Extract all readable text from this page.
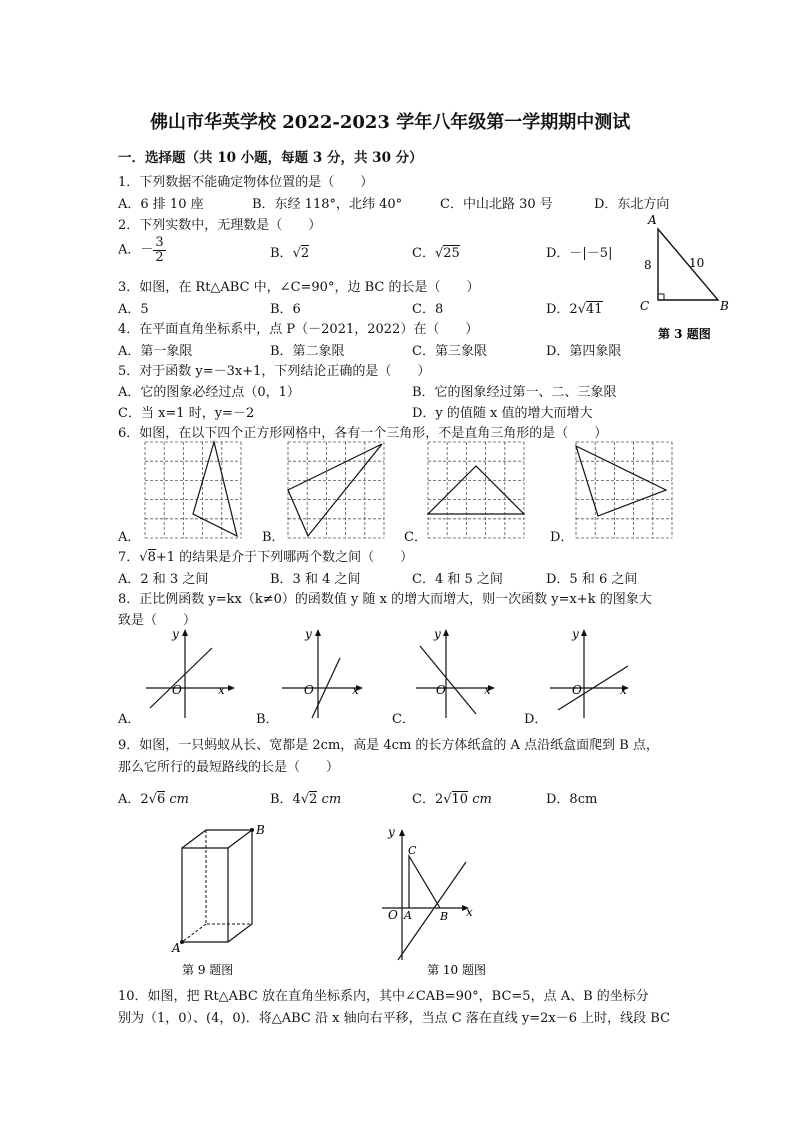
佛山市华英学校 2022-2023 学年八年级第一学期期中测试
一．选择题（共 10 小题，每题 3 分，共 30 分）
1．下列数据不能确定物体位置的是（　　）
A．6 排 10 座	B．东经 118°，北纬 40°	C．中山北路 30 号	D．东北方向
2．下列实数中，无理数是（　　）
A．－ $\frac{3}{2}$	B．√2	C．√25	D．－|－5|
A
C	B
8	10
第 3 题图
3．如图，在 Rt△ABC 中，∠C=90°，边 BC 的长是（　　）
A．5	B．6	C．8	D．2√41
4．在平面直角坐标系中，点 P（－2021，2022）在（　　）
A．第一象限	B．第二象限	C．第三象限	D．第四象限
5．对于函数 y=－3x+1，下列结论正确的是（　　）
A．它的图象必经过点（0，1）	B．它的图象经过第一、二、三象限
C．当 x=1 时，y=－2	D．y 的值随 x 值的增大而增大
6．如图，在以下四个正方形网格中，各有一个三角形，不是直角三角形的是（　　）
A．	B．	C．	D．
7．√8+1 的结果是介于下列哪两个数之间（　　）
A．2 和 3 之间	B．3 和 4 之间	C．4 和 5 之间	D．5 和 6 之间
8．正比例函数 y=kx（k≠0）的函数值 y 随 x 的增大而增大，则一次函数 y=x+k 的图象大
致是（　　）
x
y
O
A．
x
y
O
B．
x
y
O
C．
x
y
O
D．
9．如图，一只蚂蚁从长、宽都是 2cm，高是 4cm 的长方体纸盒的 A 点沿纸盒面爬到 B 点，
那么它所行的最短路线的长是（　　）
A．2√6 cm	B．4√2 cm	C．2√10 cm	D．8cm
B
A
第 9 题图
y
x
O A	B
C
第 10 题图
10．如图，把 Rt△ABC 放在直角坐标系内，其中∠CAB=90°，BC=5，点 A、B 的坐标分
别为（1，0）、(4，0)．将△ABC 沿 x 轴向右平移，当点 C 落在直线 y=2x－6 上时，线段 BC
